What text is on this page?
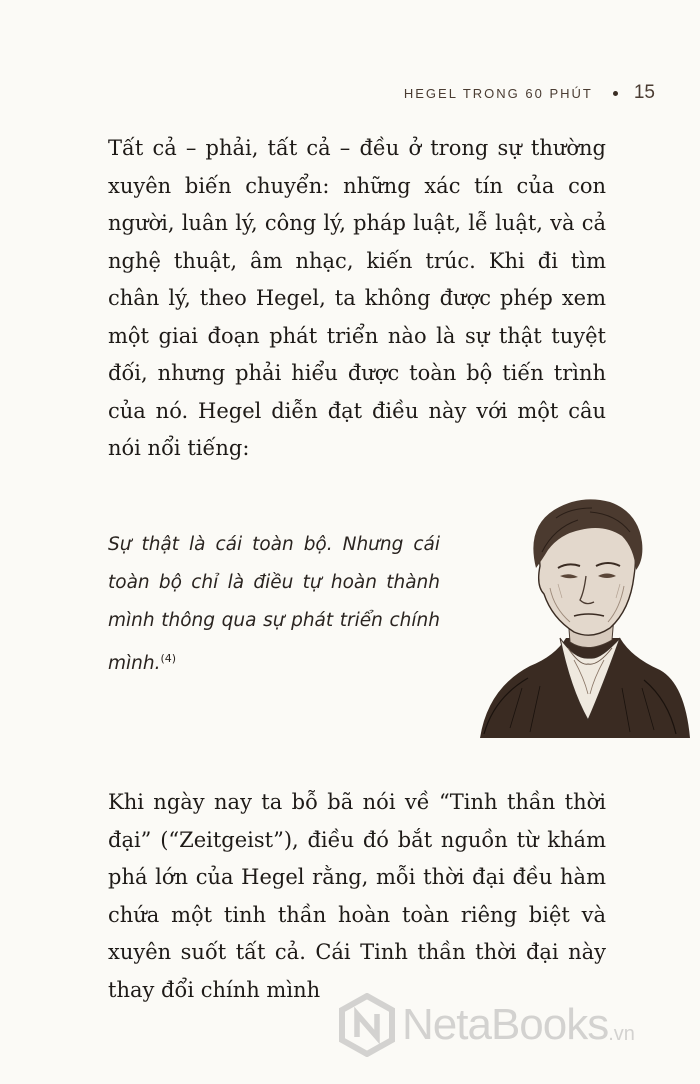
HEGEL TRONG 60 PHÚT 15

Tất cả – phải, tất cả – đều ở trong sự thường xuyên biến chuyển: những xác tín của con người, luân lý, công lý, pháp luật, lễ luật, và cả nghệ thuật, âm nhạc, kiến trúc. Khi đi tìm chân lý, theo Hegel, ta không được phép xem một giai đoạn phát triển nào là sự thật tuyệt đối, nhưng phải hiểu được toàn bộ tiến trình của nó. Hegel diễn đạt điều này với một câu nói nổi tiếng:

Sự thật là cái toàn bộ. Nhưng cái toàn bộ chỉ là điều tự hoàn thành mình thông qua sự phát triển chính mình.$^{(4)}$

Khi ngày nay ta bỗ bã nói về “Tinh thần thời đại” (“Zeitgeist”), điều đó bắt nguồn từ khám phá lớn của Hegel rằng, mỗi thời đại đều hàm chứa một tinh thần hoàn toàn riêng biệt và xuyên suốt tất cả. Cái Tinh thần thời đại này thay đổi chính mình

NetaBooks .vn
